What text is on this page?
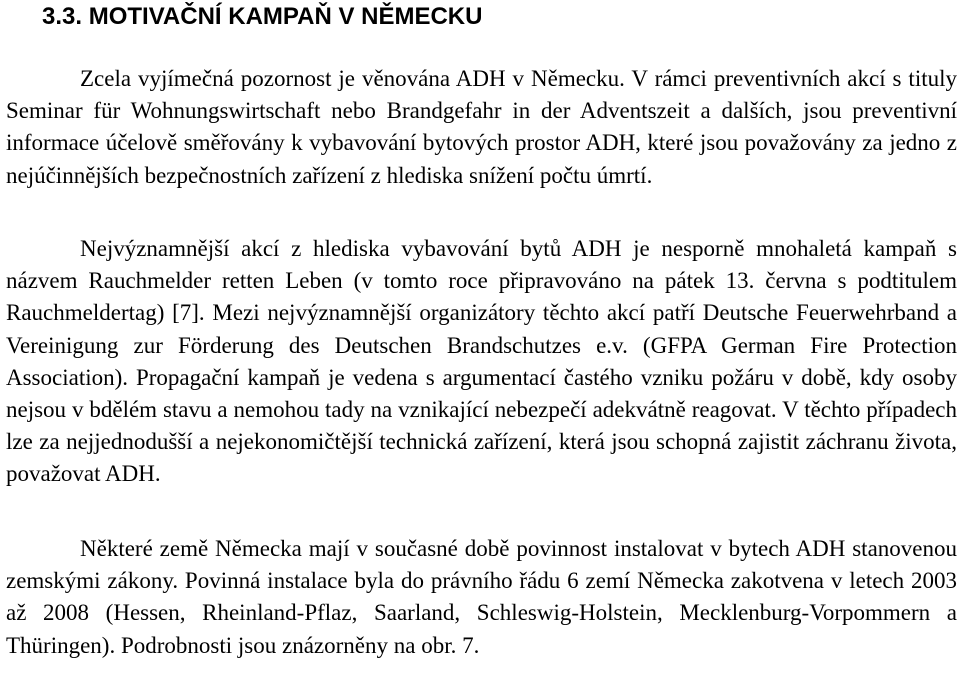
3.3. MOTIVAČNÍ KAMPAŇ V NĚMECKU

Zcela vyjímečná pozornost je věnována ADH v Německu. V rámci preventivních akcí s tituly Seminar für Wohnungswirtschaft nebo Brandgefahr in der Adventszeit a dalších, jsou preventivní informace účelově směřovány k vybavování bytových prostor ADH, které jsou považovány za jedno z nejúčinnějších bezpečnostních zařízení z hlediska snížení počtu úmrtí.

Nejvýznamnější akcí z hlediska vybavování bytů ADH je nesporně mnohaletá kampaň s názvem Rauchmelder retten Leben (v tomto roce připravováno na pátek 13. června s podtitulem Rauchmeldertag) [7]. Mezi nejvýznamnější organizátory těchto akcí patří Deutsche Feuerwehrband a Vereinigung zur Förderung des Deutschen Brandschutzes e.v. (GFPA German Fire Protection Association). Propagační kampaň je vedena s argumentací častého vzniku požáru v době, kdy osoby nejsou v bdělém stavu a nemohou tady na vznikající nebezpečí adekvátně reagovat. V těchto případech lze za nejjednodušší a nejekonomičtější technická zařízení, která jsou schopná zajistit záchranu života, považovat ADH.

Některé země Německa mají v současné době povinnost instalovat v bytech ADH stanovenou zemskými zákony. Povinná instalace byla do právního řádu 6 zemí Německa zakotvena v letech 2003 až 2008 (Hessen, Rheinland-Pflaz, Saarland, Schleswig-Holstein, Mecklenburg-Vorpommern a Thüringen). Podrobnosti jsou znázorněny na obr. 7.
